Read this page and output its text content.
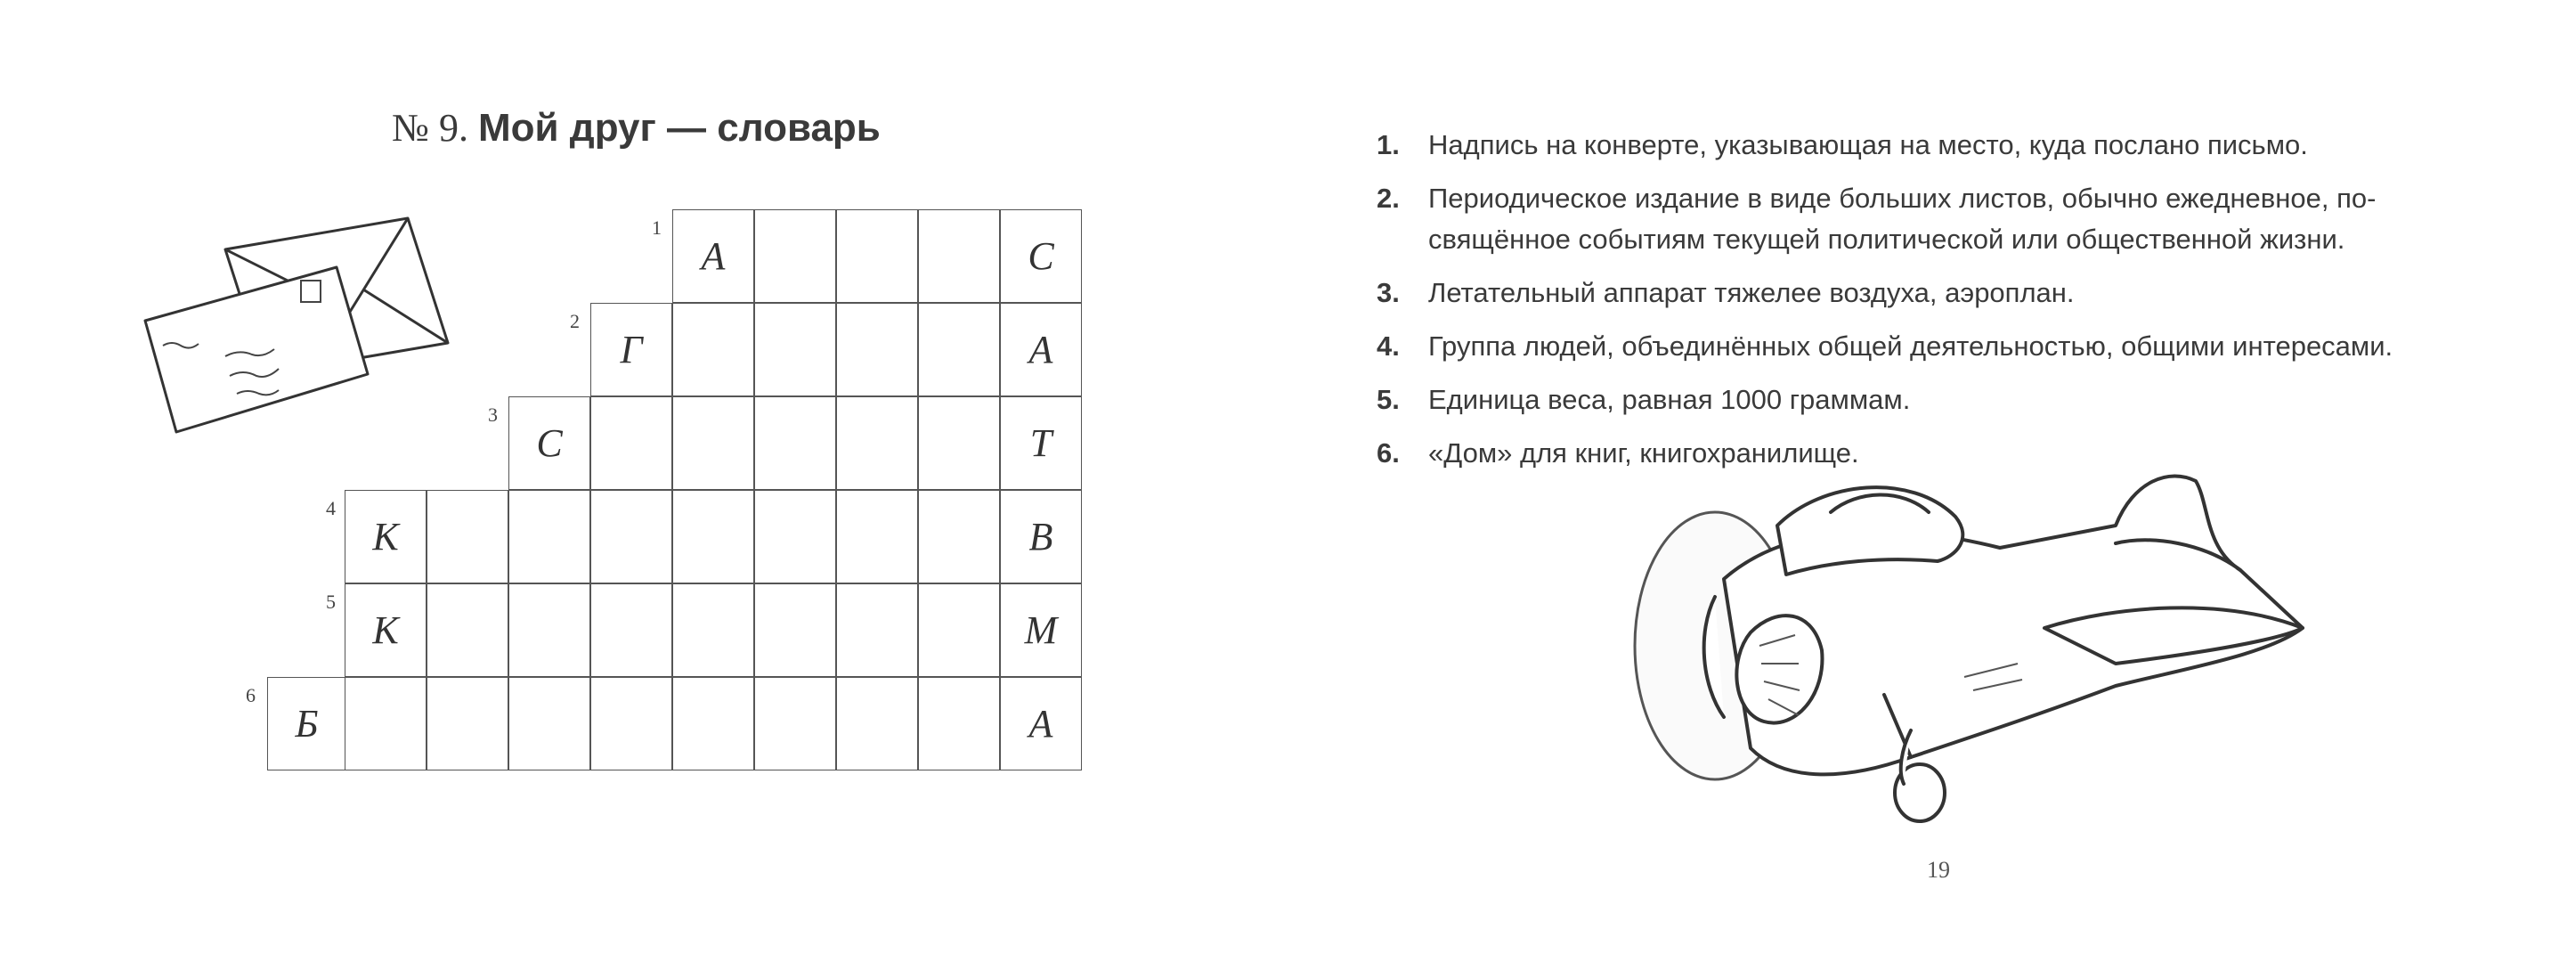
№ 9. Мой друг — словарь
1
А	С
2
Г	А
3
С	Т
4
К	В
5
К	М
6
Б	А
1. Надпись на конверте, указывающая на место, куда послано письмо.
2. Периодическое издание в виде больших листов, обычно ежедневное, по-
свящённое событиям текущей политической или общественной жизни.
3. Летательный аппарат тяжелее воздуха, аэроплан.
4. Группа людей, объединённых общей деятельностью, общими интересами.
5. Единица веса, равная 1000 граммам.
6. «Дом» для книг, книгохранилище.
19
